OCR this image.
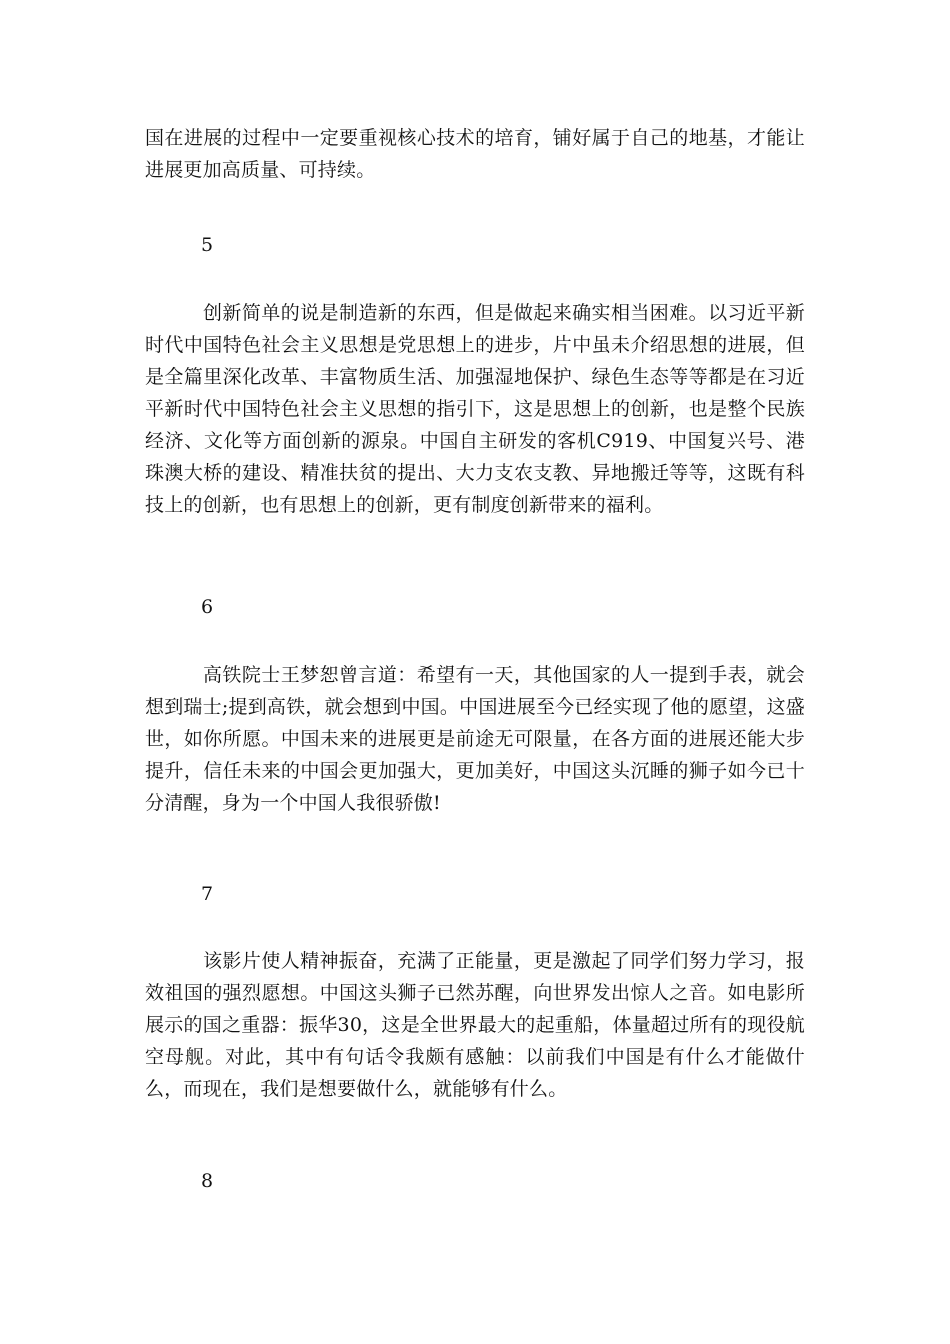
国在进展的过程中一定要重视核心技术的培育，铺好属于自己的地基，才能让进展更加高质量、可持续。

5

创新简单的说是制造新的东西，但是做起来确实相当困难。以习近平新时代中国特色社会主义思想是党思想上的进步，片中虽未介绍思想的进展，但是全篇里深化改革、丰富物质生活、加强湿地保护、绿色生态等等都是在习近平新时代中国特色社会主义思想的指引下，这是思想上的创新，也是整个民族经济、文化等方面创新的源泉。中国自主研发的客机C919、中国复兴号、港珠澳大桥的建设、精准扶贫的提出、大力支农支教、异地搬迁等等，这既有科技上的创新，也有思想上的创新，更有制度创新带来的福利。

6

高铁院士王梦恕曾言道：希望有一天，其他国家的人一提到手表，就会想到瑞士;提到高铁，就会想到中国。中国进展至今已经实现了他的愿望，这盛世，如你所愿。中国未来的进展更是前途无可限量，在各方面的进展还能大步提升，信任未来的中国会更加强大，更加美好，中国这头沉睡的狮子如今已十分清醒，身为一个中国人我很骄傲!

7

该影片使人精神振奋，充满了正能量，更是激起了同学们努力学习，报效祖国的强烈愿想。中国这头狮子已然苏醒，向世界发出惊人之音。如电影所展示的国之重器：振华30，这是全世界最大的起重船，体量超过所有的现役航空母舰。对此，其中有句话令我颇有感触：以前我们中国是有什么才能做什么，而现在，我们是想要做什么，就能够有什么。

8
